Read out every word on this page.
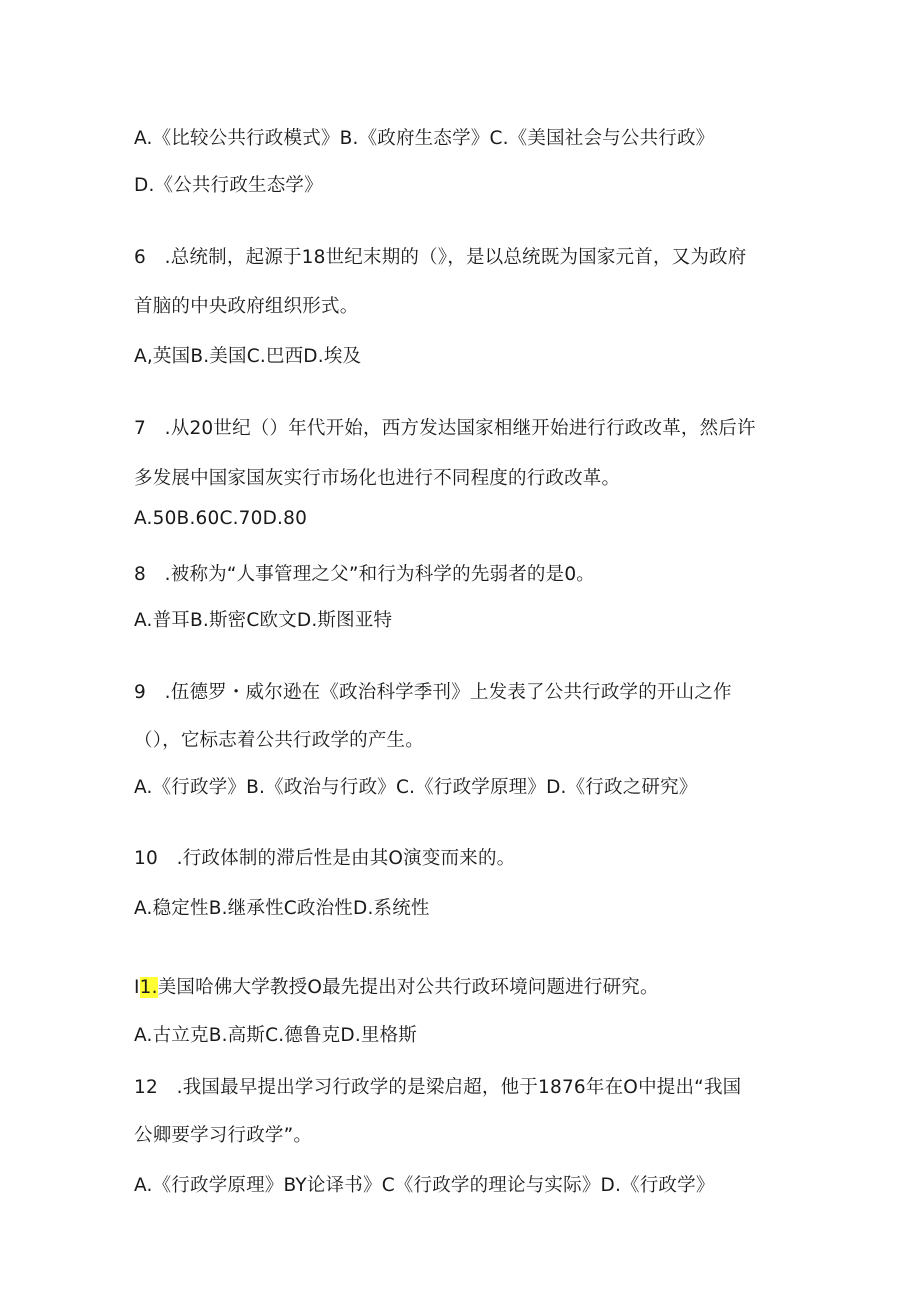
A.《比较公共行政模式》B.《政府生态学》C.《美国社会与公共行政》
D.《公共行政生态学》
6　.总统制，起源于18世纪末期的（》，是以总统既为国家元首，又为政府
首脑的中央政府组织形式。
A,英国B.美国C.巴西D.埃及
7　.从20世纪（）年代开始，西方发达国家相继开始进行行政改革，然后许
多发展中国家国灰实行市场化也进行不同程度的行政改革。
A.50B.60C.70D.80
8　.被称为“人事管理之父”和行为科学的先弱者的是0。
A.普耳B.斯密C欧文D.斯图亚特
9　.伍德罗・威尔逊在《政治科学季刊》上发表了公共行政学的开山之作
（），它标志着公共行政学的产生。
A.《行政学》B.《政治与行政》C.《行政学原理》D.《行政之研究》
10　.行政体制的滞后性是由其O演变而来的。
A.稳定性B.继承性C政治性D.系统性
I1.美国哈佛大学教授O最先提出对公共行政环境问题进行研究。
A.古立克B.高斯C.德鲁克D.里格斯
12　.我国最早提出学习行政学的是梁启超，他于1876年在O中提出“我国
公卿要学习行政学”。
A.《行政学原理》BY论译书》C《行政学的理论与实际》D.《行政学》
